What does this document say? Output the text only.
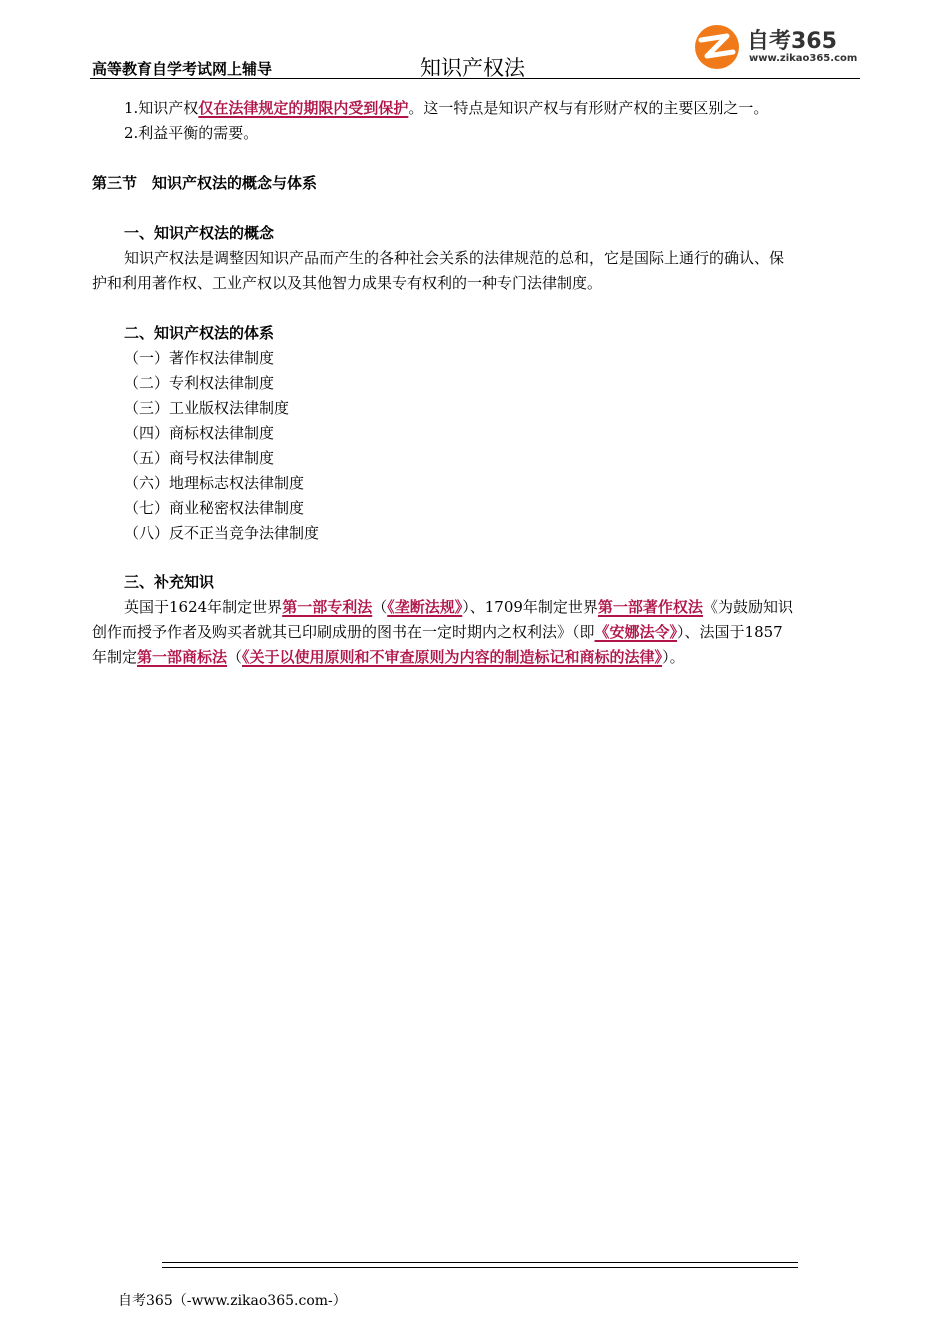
高等教育自学考试网上辅导	知识产权法
自考365
www.zikao365.com
1.知识产权仅在法律规定的期限内受到保护。这一特点是知识产权与有形财产权的主要区别之一。
2.利益平衡的需要。
第三节　知识产权法的概念与体系
一、知识产权法的概念
知识产权法是调整因知识产品而产生的各种社会关系的法律规范的总和，它是国际上通行的确认、保
护和利用著作权、工业产权以及其他智力成果专有权利的一种专门法律制度。
二、知识产权法的体系
（一）著作权法律制度
（二）专利权法律制度
（三）工业版权法律制度
（四）商标权法律制度
（五）商号权法律制度
（六）地理标志权法律制度
（七）商业秘密权法律制度
（八）反不正当竞争法律制度
三、补充知识
英国于1624年制定世界第一部专利法（《垄断法规》）、1709年制定世界第一部著作权法《为鼓励知识
创作而授予作者及购买者就其已印刷成册的图书在一定时期内之权利法》（即《安娜法令》）、法国于1857
年制定第一部商标法（《关于以使用原则和不审查原则为内容的制造标记和商标的法律》）。
自考365（-www.zikao365.com-）
